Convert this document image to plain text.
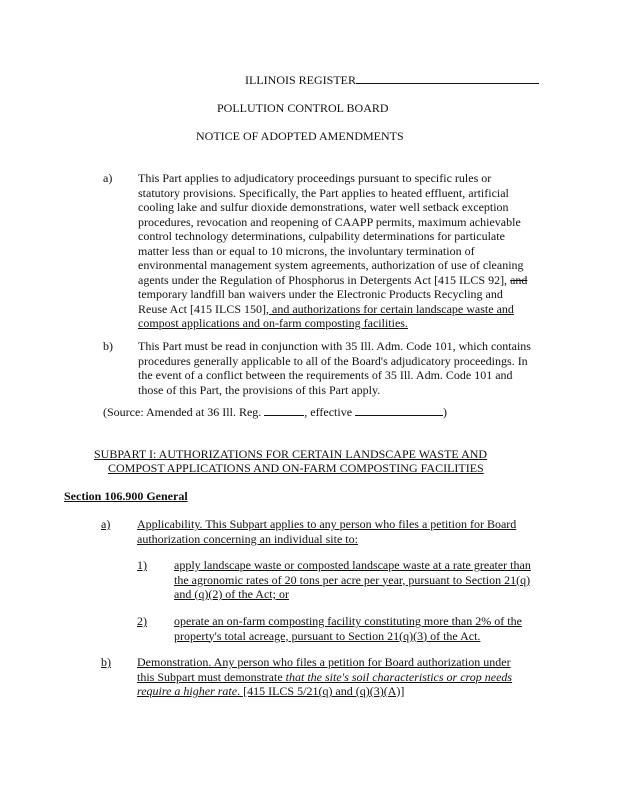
ILLINOIS REGISTER
POLLUTION CONTROL BOARD
NOTICE OF ADOPTED AMENDMENTS
a) This Part applies to adjudicatory proceedings pursuant to specific rules or
statutory provisions. Specifically, the Part applies to heated effluent, artificial
cooling lake and sulfur dioxide demonstrations, water well setback exception
procedures, revocation and reopening of CAAPP permits, maximum achievable
control technology determinations, culpability determinations for particulate
matter less than or equal to 10 microns, the involuntary termination of
environmental management system agreements, authorization of use of cleaning
agents under the Regulation of Phosphorus in Detergents Act [415 ILCS 92], and
temporary landfill ban waivers under the Electronic Products Recycling and
Reuse Act [415 ILCS 150], and authorizations for certain landscape waste and
compost applications and on-farm composting facilities.
b) This Part must be read in conjunction with 35 Ill. Adm. Code 101, which contains
procedures generally applicable to all of the Board's adjudicatory proceedings. In
the event of a conflict between the requirements of 35 Ill. Adm. Code 101 and
those of this Part, the provisions of this Part apply.
(Source: Amended at 36 Ill. Reg.	, effective	)
SUBPART I: AUTHORIZATIONS FOR CERTAIN LANDSCAPE WASTE AND
COMPOST APPLICATIONS AND ON-FARM COMPOSTING FACILITIES
Section 106.900 General
a) Applicability. This Subpart applies to any person who files a petition for Board
authorization concerning an individual site to:
1) apply landscape waste or composted landscape waste at a rate greater than
the agronomic rates of 20 tons per acre per year, pursuant to Section 21(q)
and (q)(2) of the Act; or
2) operate an on-farm composting facility constituting more than 2% of the
property's total acreage, pursuant to Section 21(q)(3) of the Act.
b) Demonstration. Any person who files a petition for Board authorization under
this Subpart must demonstrate that the site's soil characteristics or crop needs
require a higher rate. [415 ILCS 5/21(q) and (q)(3)(A)]
